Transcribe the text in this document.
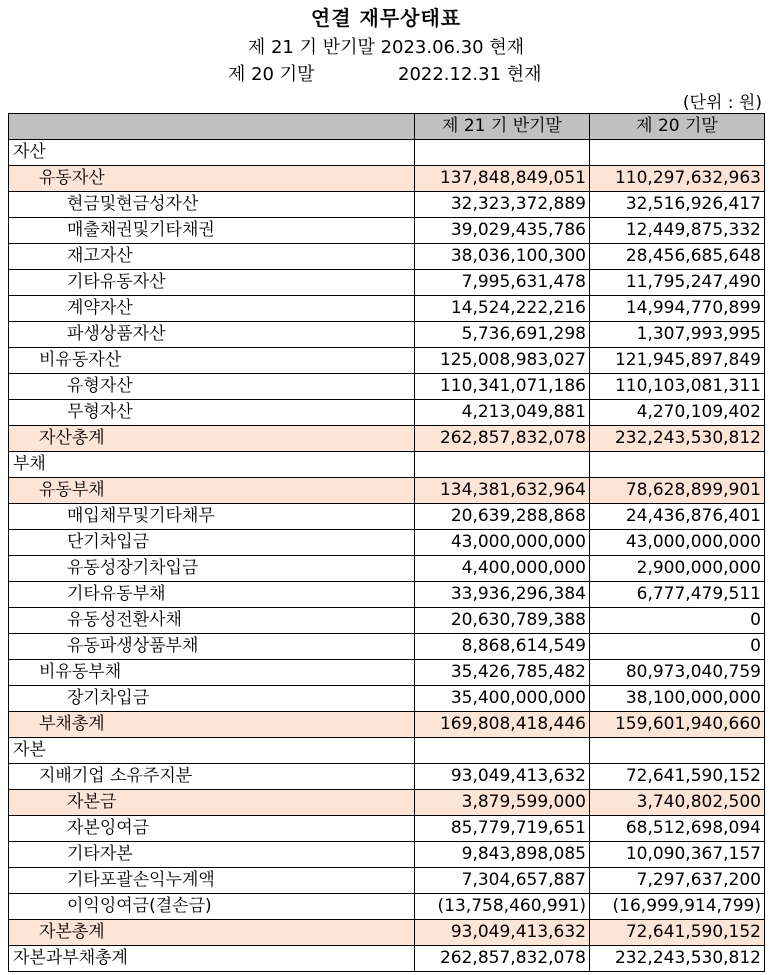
연결 재무상태표
제 21 기 반기말 2023.06.30 현재
제 20 기말	2022.12.31 현재
(단위 : 원)
	제 21 기 반기말	제 20 기말
자산		
유동자산	137,848,849,051	110,297,632,963
현금및현금성자산	32,323,372,889	32,516,926,417
매출채권및기타채권	39,029,435,786	12,449,875,332
재고자산	38,036,100,300	28,456,685,648
기타유동자산	7,995,631,478	11,795,247,490
계약자산	14,524,222,216	14,994,770,899
파생상품자산	5,736,691,298	1,307,993,995
비유동자산	125,008,983,027	121,945,897,849
유형자산	110,341,071,186	110,103,081,311
무형자산	4,213,049,881	4,270,109,402
자산총계	262,857,832,078	232,243,530,812
부채		
유동부채	134,381,632,964	78,628,899,901
매입채무및기타채무	20,639,288,868	24,436,876,401
단기차입금	43,000,000,000	43,000,000,000
유동성장기차입금	4,400,000,000	2,900,000,000
기타유동부채	33,936,296,384	6,777,479,511
유동성전환사채	20,630,789,388	0
유동파생상품부채	8,868,614,549	0
비유동부채	35,426,785,482	80,973,040,759
장기차입금	35,400,000,000	38,100,000,000
부채총계	169,808,418,446	159,601,940,660
자본		
지배기업 소유주지분	93,049,413,632	72,641,590,152
자본금	3,879,599,000	3,740,802,500
자본잉여금	85,779,719,651	68,512,698,094
기타자본	9,843,898,085	10,090,367,157
기타포괄손익누계액	7,304,657,887	7,297,637,200
이익잉여금(결손금)	(13,758,460,991)	(16,999,914,799)
자본총계	93,049,413,632	72,641,590,152
자본과부채총계	262,857,832,078	232,243,530,812
